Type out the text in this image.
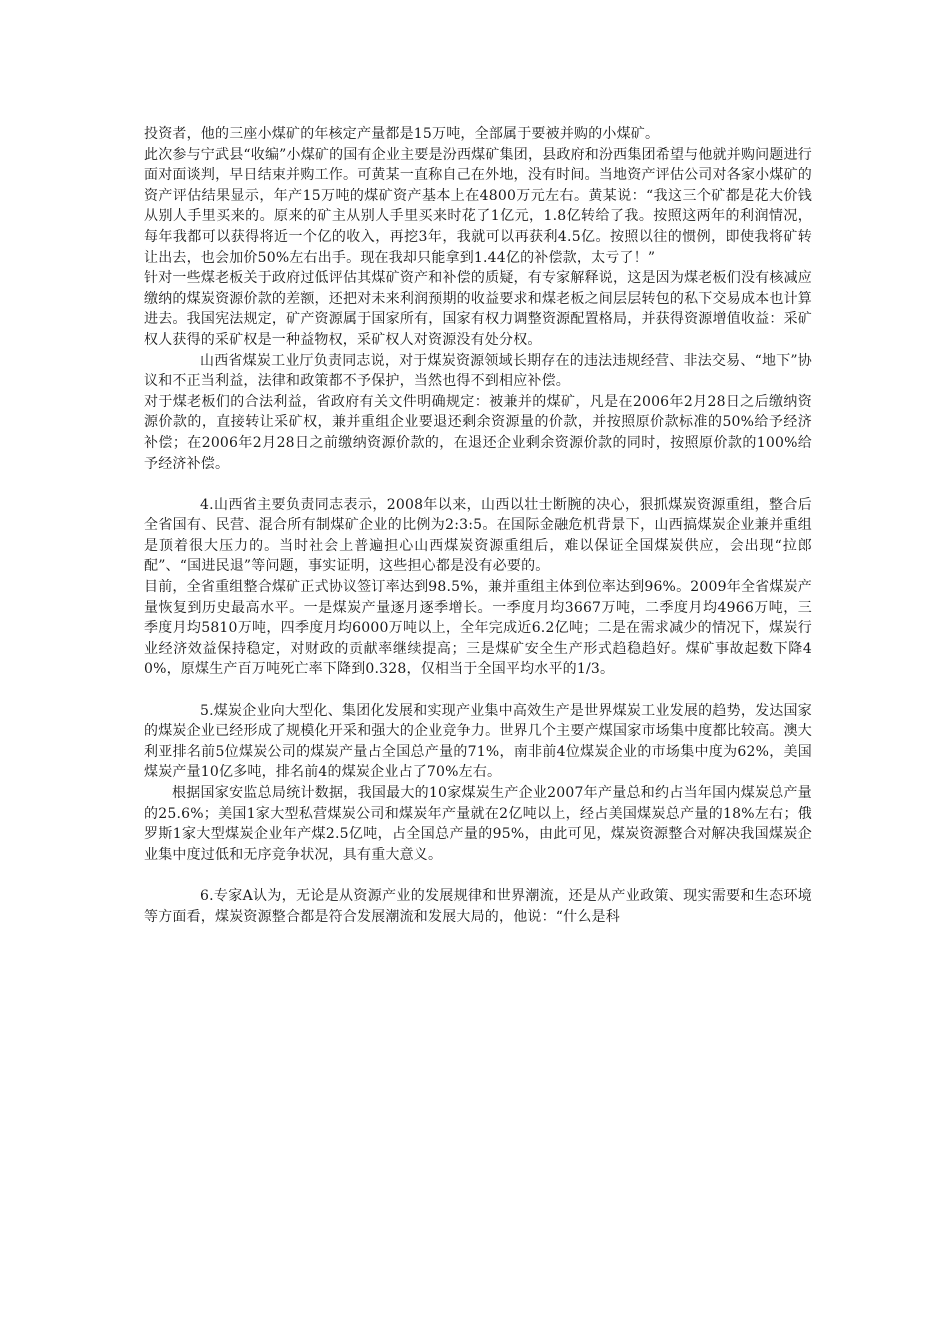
投资者，他的三座小煤矿的年核定产量都是15万吨，全部属于要被并购的小煤矿。

此次参与宁武县“收编”小煤矿的国有企业主要是汾西煤矿集团，县政府和汾西集团希望与他就并购问题进行面对面谈判，早日结束并购工作。可黄某一直称自己在外地，没有时间。当地资产评估公司对各家小煤矿的资产评估结果显示，年产15万吨的煤矿资产基本上在4800万元左右。黄某说：“我这三个矿都是花大价钱从别人手里买来的。原来的矿主从别人手里买来时花了1亿元，1.8亿转给了我。按照这两年的利润情况，每年我都可以获得将近一个亿的收入，再挖3年，我就可以再获利4.5亿。按照以往的惯例，即使我将矿转让出去，也会加价50%左右出手。现在我却只能拿到1.44亿的补偿款，太亏了！”

针对一些煤老板关于政府过低评估其煤矿资产和补偿的质疑，有专家解释说，这是因为煤老板们没有核减应缴纳的煤炭资源价款的差额，还把对未来利润预期的收益要求和煤老板之间层层转包的私下交易成本也计算进去。我国宪法规定，矿产资源属于国家所有，国家有权力调整资源配置格局，并获得资源增值收益：采矿权人获得的采矿权是一种益物权，采矿权人对资源没有处分权。

山西省煤炭工业厅负责同志说，对于煤炭资源领域长期存在的违法违规经营、非法交易、“地下”协议和不正当利益，法律和政策都不予保护，当然也得不到相应补偿。

对于煤老板们的合法利益，省政府有关文件明确规定：被兼并的煤矿，凡是在2006年2月28日之后缴纳资源价款的，直接转让采矿权，兼并重组企业要退还剩余资源量的价款，并按照原价款标准的50%给予经济补偿；在2006年2月28日之前缴纳资源价款的，在退还企业剩余资源价款的同时，按照原价款的100%给予经济补偿。

4.山西省主要负责同志表示，2008年以来，山西以壮士断腕的决心，狠抓煤炭资源重组，整合后全省国有、民营、混合所有制煤矿企业的比例为2:3:5。在国际金融危机背景下，山西搞煤炭企业兼并重组是顶着很大压力的。当时社会上普遍担心山西煤炭资源重组后，难以保证全国煤炭供应，会出现“拉郎配”、“国进民退”等问题，事实证明，这些担心都是没有必要的。

目前，全省重组整合煤矿正式协议签订率达到98.5%，兼并重组主体到位率达到96%。2009年全省煤炭产量恢复到历史最高水平。一是煤炭产量逐月逐季增长。一季度月均3667万吨，二季度月均4966万吨，三季度月均5810万吨，四季度月均6000万吨以上，全年完成近6.2亿吨；二是在需求减少的情况下，煤炭行业经济效益保持稳定，对财政的贡献率继续提高；三是煤矿安全生产形式趋稳趋好。煤矿事故起数下降40%，原煤生产百万吨死亡率下降到0.328，仅相当于全国平均水平的1/3。

5.煤炭企业向大型化、集团化发展和实现产业集中高效生产是世界煤炭工业发展的趋势，发达国家的煤炭企业已经形成了规模化开采和强大的企业竞争力。世界几个主要产煤国家市场集中度都比较高。澳大利亚排名前5位煤炭公司的煤炭产量占全国总产量的71%，南非前4位煤炭企业的市场集中度为62%，美国煤炭产量10亿多吨，排名前4的煤炭企业占了70%左右。

根据国家安监总局统计数据，我国最大的10家煤炭生产企业2007年产量总和约占当年国内煤炭总产量的25.6%；美国1家大型私营煤炭公司和煤炭年产量就在2亿吨以上，经占美国煤炭总产量的18%左右；俄罗斯1家大型煤炭企业年产煤2.5亿吨，占全国总产量的95%，由此可见，煤炭资源整合对解决我国煤炭企业集中度过低和无序竞争状况，具有重大意义。

6.专家A认为，无论是从资源产业的发展规律和世界潮流，还是从产业政策、现实需要和生态环境等方面看，煤炭资源整合都是符合发展潮流和发展大局的，他说：“什么是科
